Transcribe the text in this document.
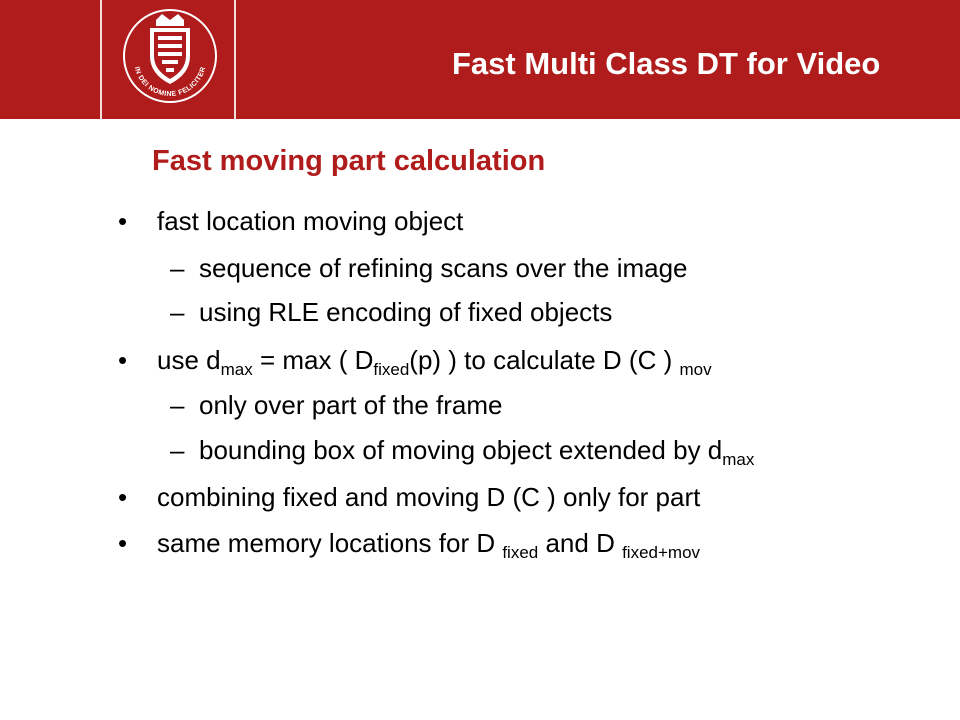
IN DEI NOMINE FELICITER	Fast Multi Class DT for Video
Fast moving part calculation
• fast location moving object
– sequence of refining scans over the image
– using RLE encoding of fixed objects
• use $d_{max} = \max$ ( $D_{fixed}(p)$ ) to calculate D (C ) $_{mov}$
– only over part of the frame
– bounding box of moving object extended by $d_{max}$
• combining fixed and moving D (C ) only for part
• same memory locations for D $_{fixed}$ and D $_{fixed+mov}$
